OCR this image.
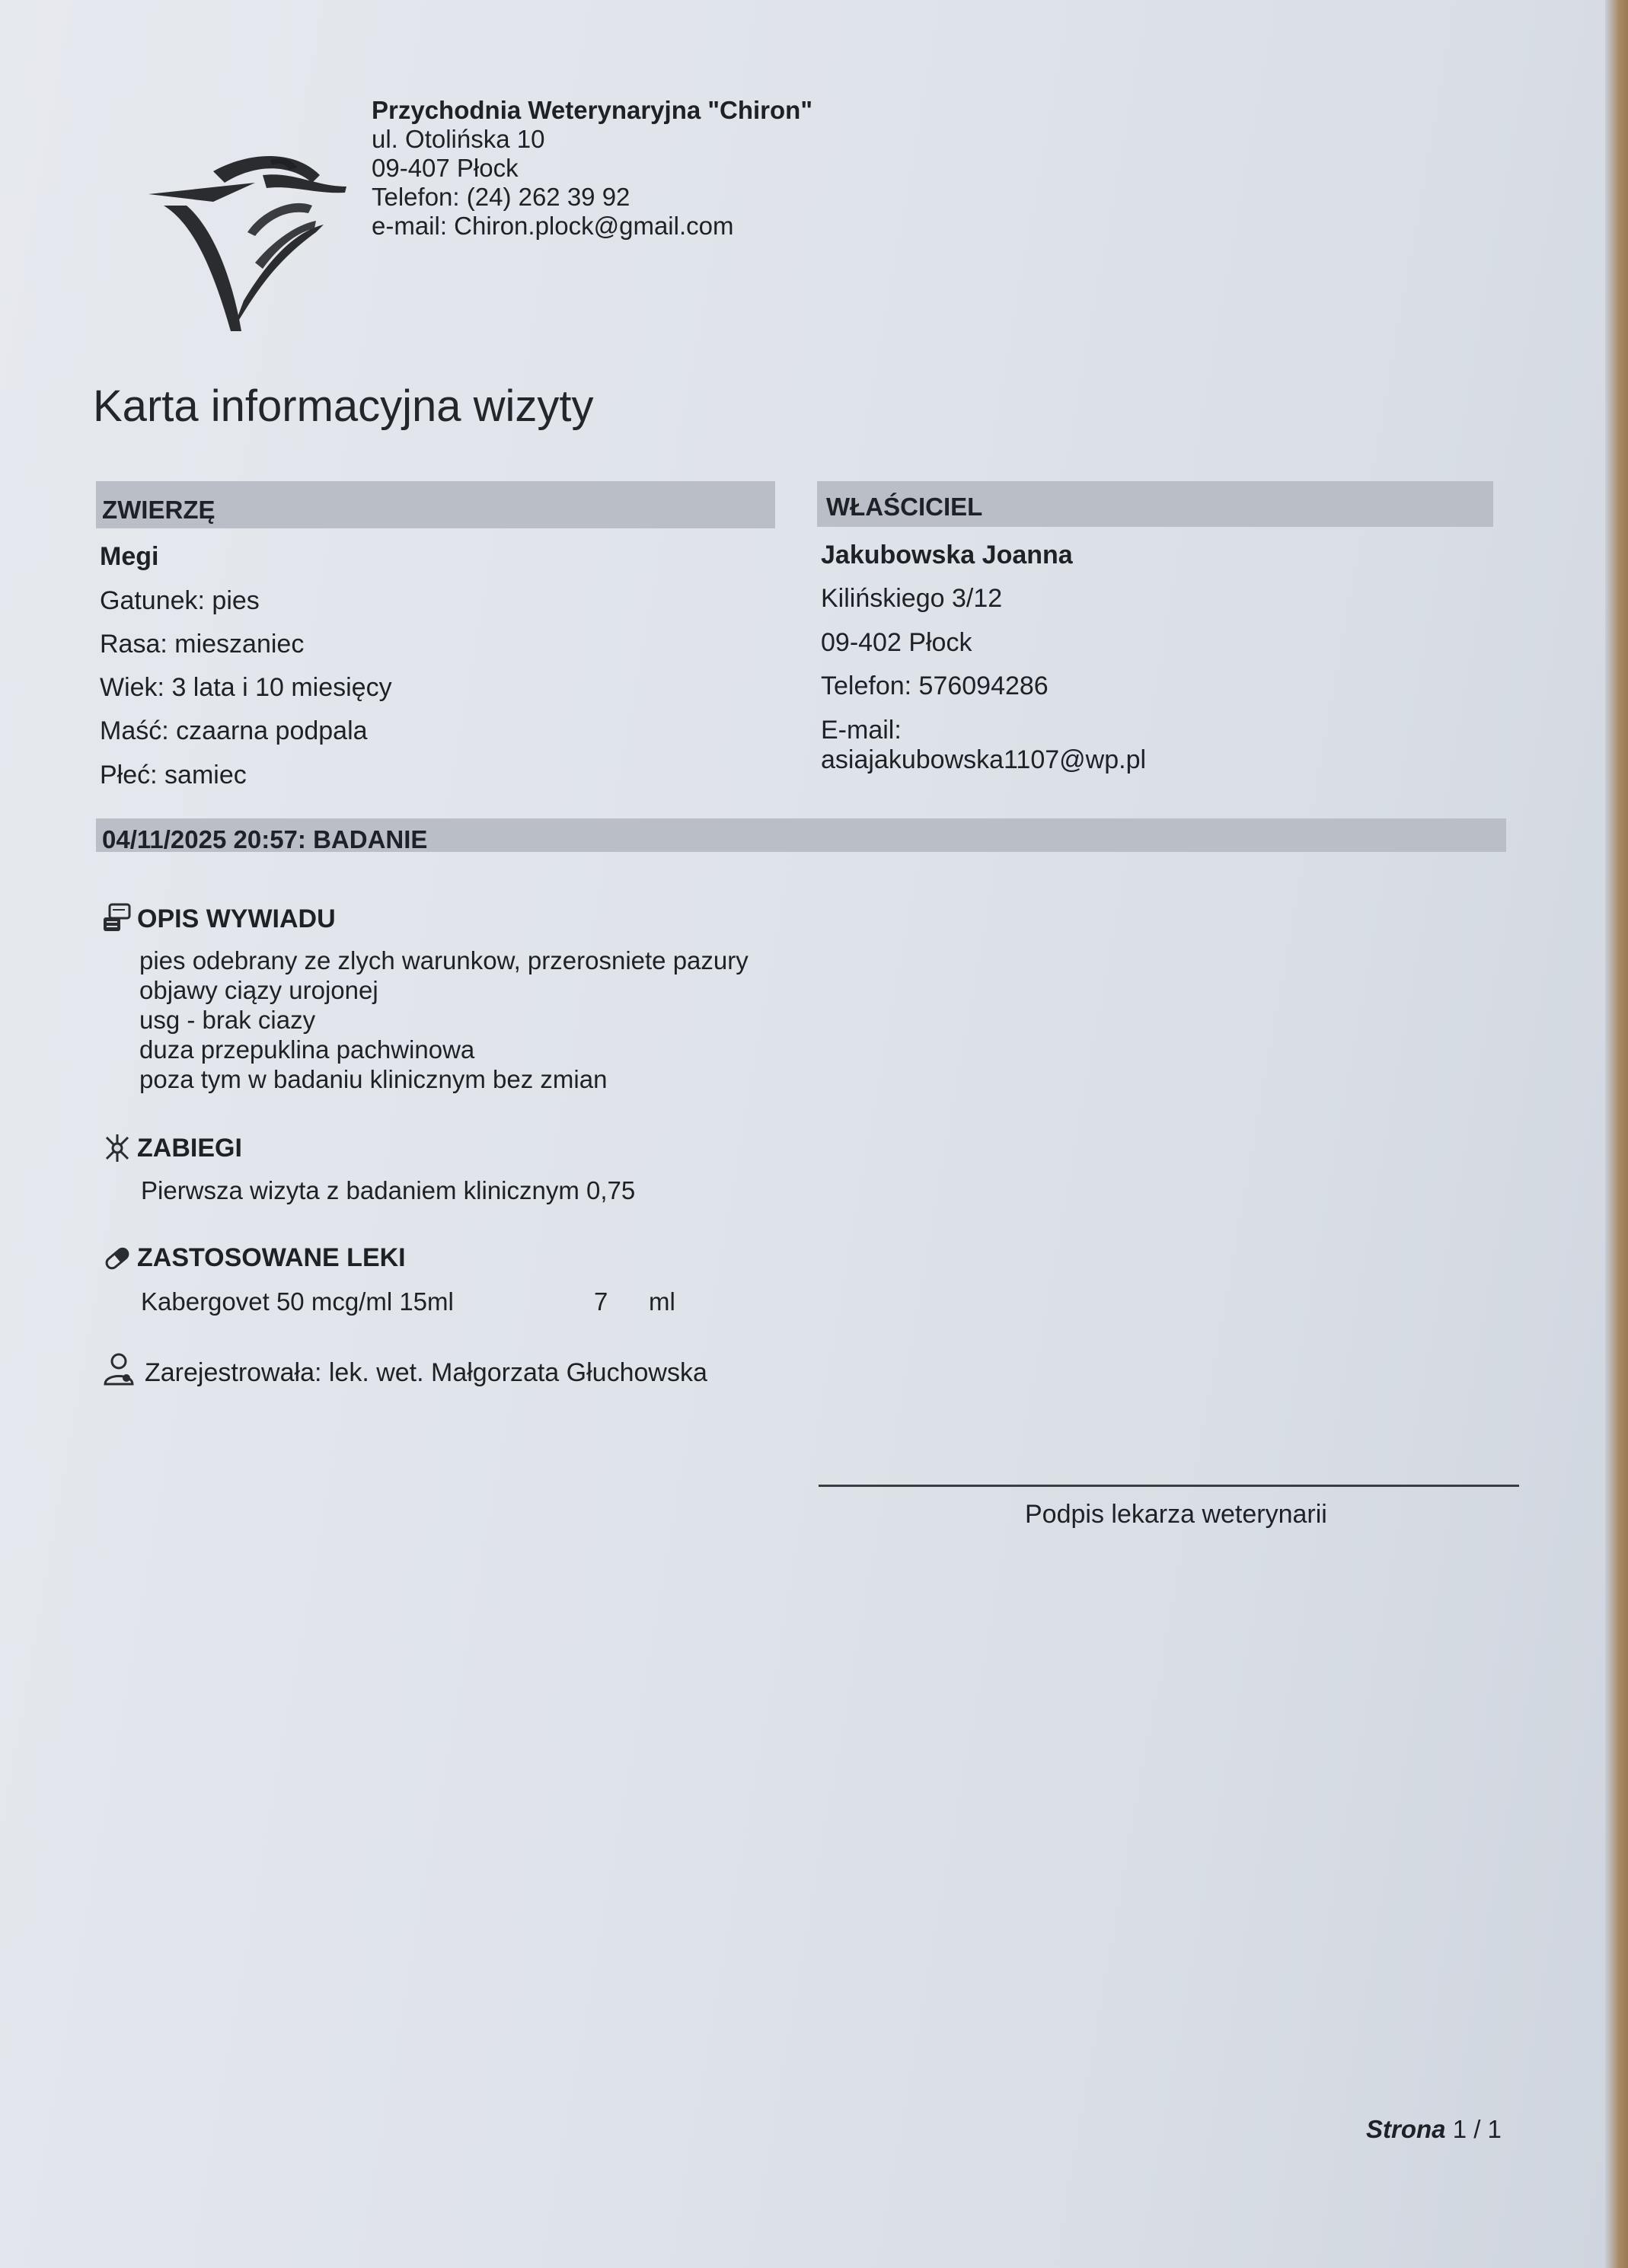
Przychodnia Weterynaryjna "Chiron"
ul. Otolińska 10
09-407 Płock
Telefon: (24) 262 39 92
e-mail: Chiron.plock@gmail.com
Karta informacyjna wizyty
ZWIERZĘ
Megi
Gatunek: pies
Rasa: mieszaniec
Wiek: 3 lata i 10 miesięcy
Maść: czaarna podpala
Płeć: samiec
WŁAŚCICIEL
Jakubowska Joanna
Kilińskiego 3/12
09-402 Płock
Telefon: 576094286
E-mail:
asiajakubowska1107@wp.pl
04/11/2025 20:57: BADANIE
OPIS WYWIADU
pies odebrany ze zlych warunkow, przerosniete pazury
objawy ciązy urojonej
usg - brak ciazy
duza przepuklina pachwinowa
poza tym w badaniu klinicznym bez zmian
ZABIEGI
Pierwsza wizyta z badaniem klinicznym 0,75
ZASTOSOWANE LEKI
Kabergovet 50 mcg/ml 15ml	7 ml
Zarejestrowała: lek. wet. Małgorzata Głuchowska
Podpis lekarza weterynarii
Strona 1 / 1
